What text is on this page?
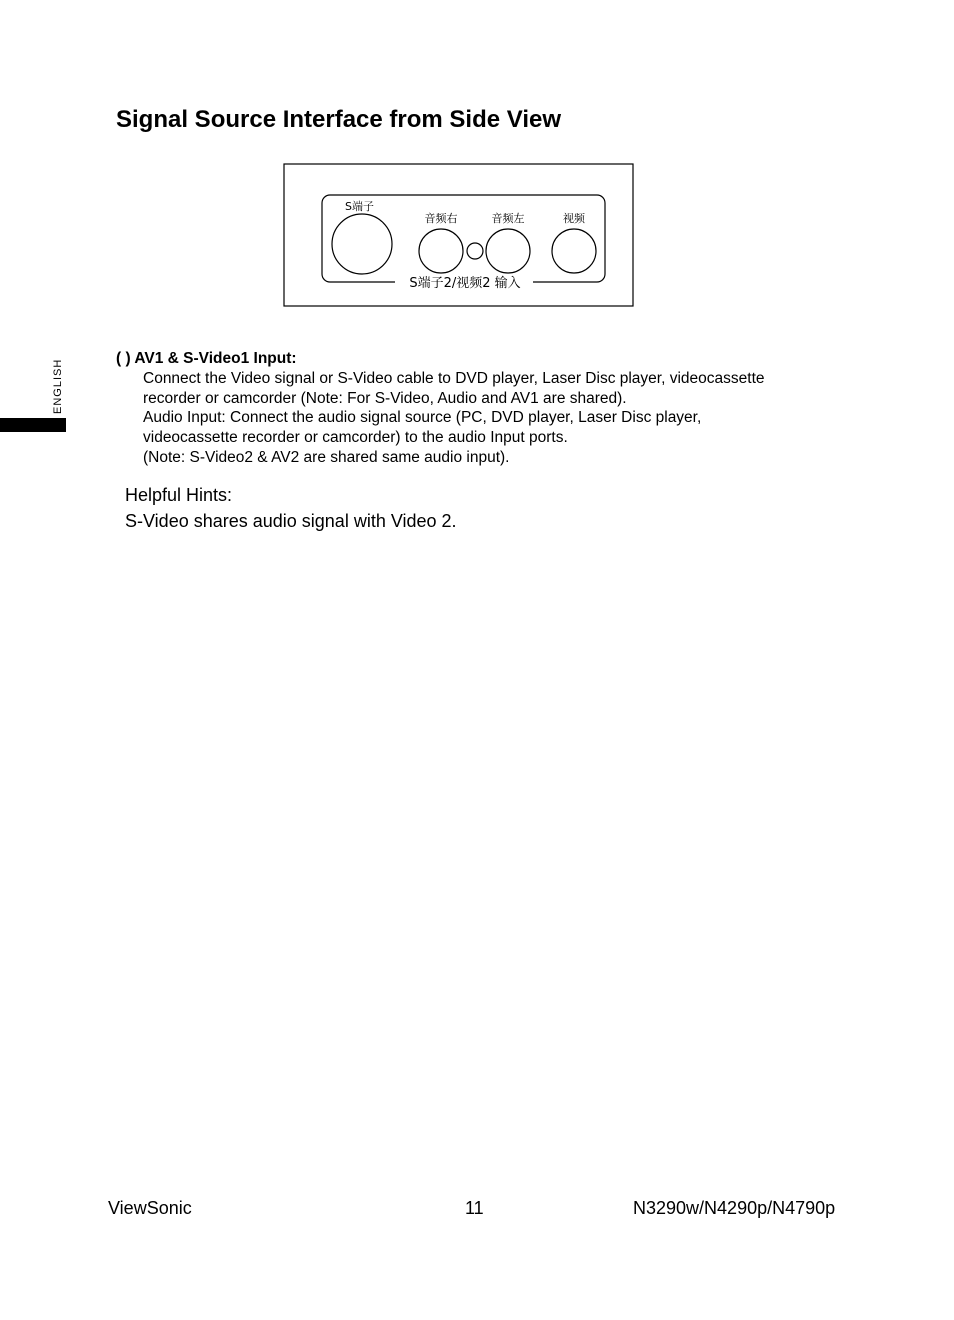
Signal Source Interface from Side View
S端子
音频右	音频左	视频
S端子2/视频2 输入
ENGLISH
( ) AV1 & S-Video1 Input:
Connect the Video signal or S-Video cable to DVD player, Laser Disc player, videocassette
recorder or camcorder (Note: For S-Video, Audio and AV1 are shared).
Audio Input: Connect the audio signal source (PC, DVD player, Laser Disc player,
videocassette recorder or camcorder) to the audio Input ports.
(Note: S-Video2 & AV2 are shared same audio input).
Helpful Hints:
S-Video shares audio signal with Video 2.
ViewSonic	11	N3290w/N4290p/N4790p
